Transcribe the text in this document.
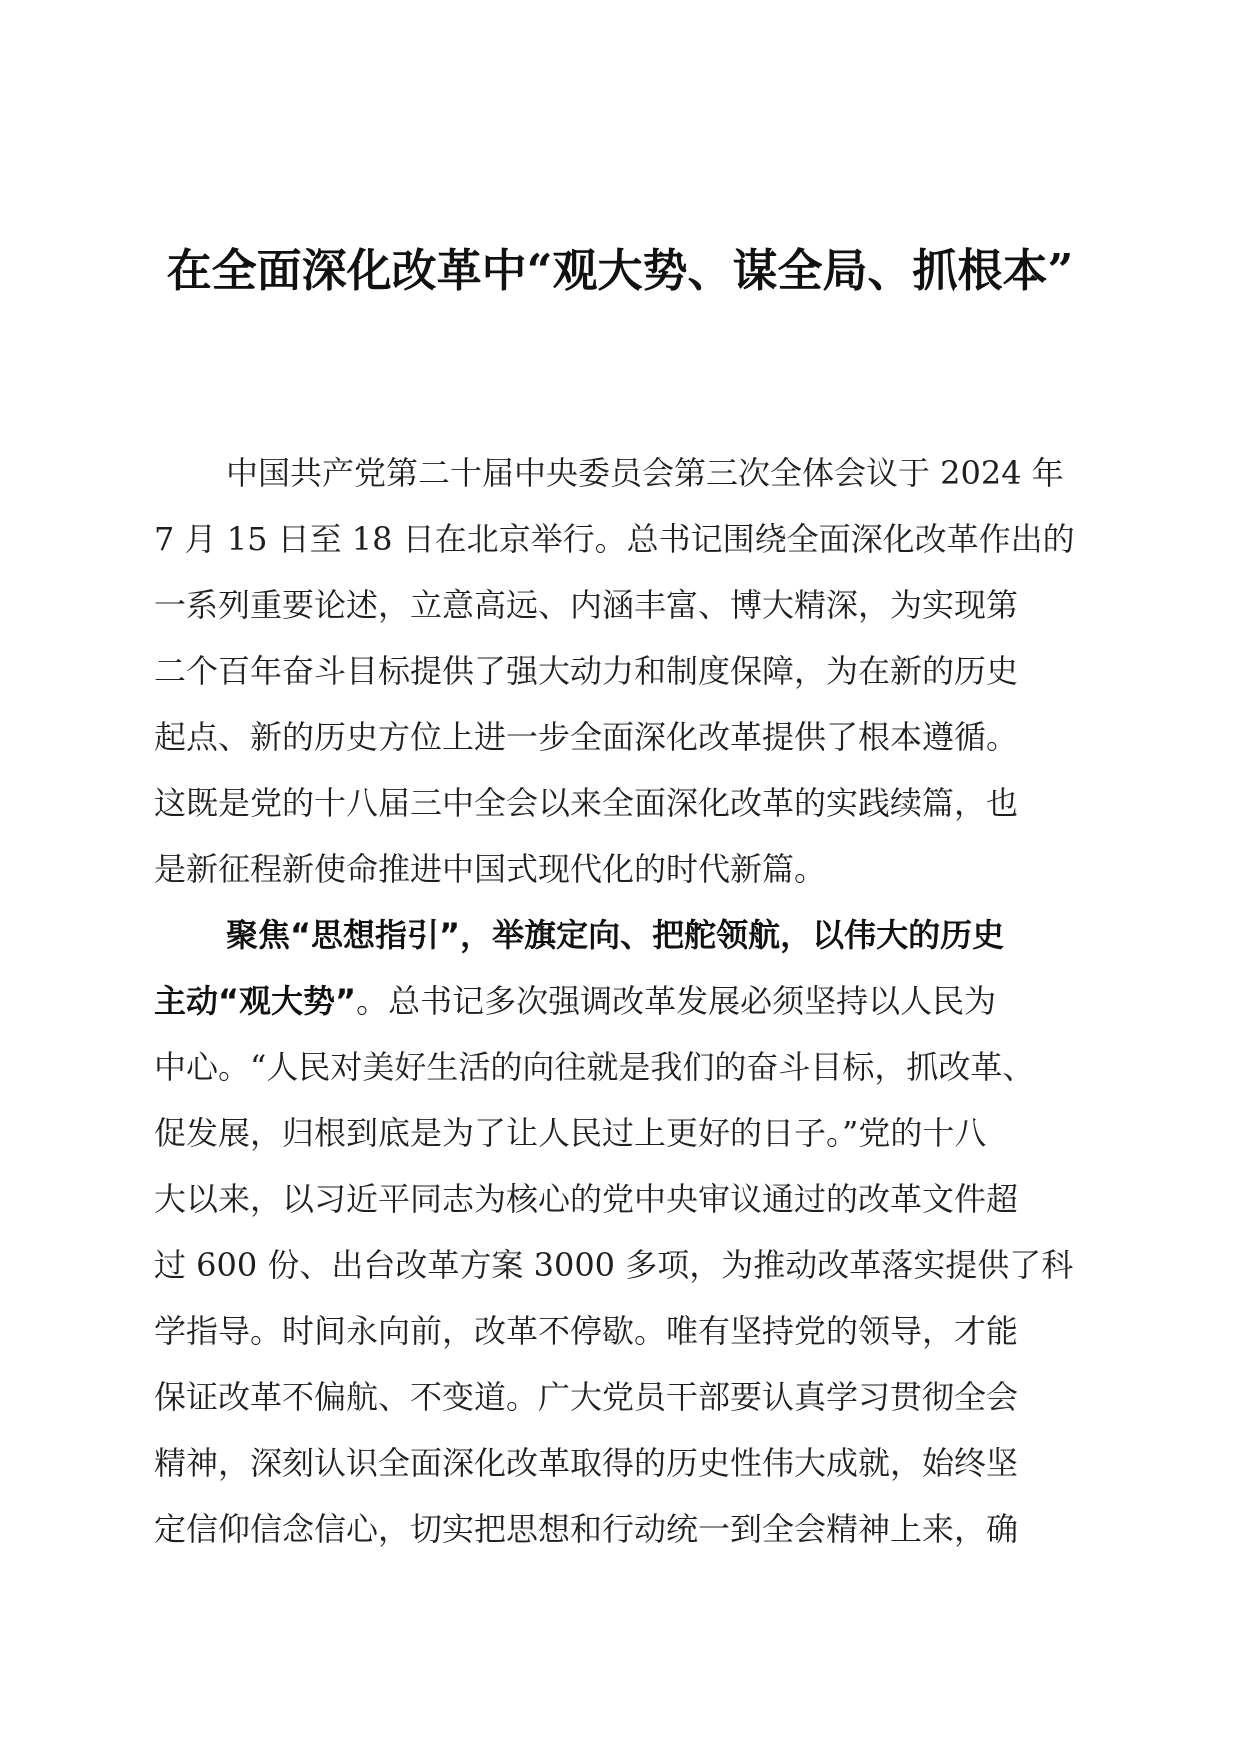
在全面深化改革中“观大势、谋全局、抓根本”
中国共产党第二十届中央委员会第三次全体会议于 2024 年
7 月 15 日至 18 日在北京举行。总书记围绕全面深化改革作出的
一系列重要论述，立意高远、内涵丰富、博大精深，为实现第
二个百年奋斗目标提供了强大动力和制度保障，为在新的历史
起点、新的历史方位上进一步全面深化改革提供了根本遵循。
这既是党的十八届三中全会以来全面深化改革的实践续篇，也
是新征程新使命推进中国式现代化的时代新篇。
聚焦“思想指引”，举旗定向、把舵领航，以伟大的历史
主动“观大势”。总书记多次强调改革发展必须坚持以人民为
中心。“人民对美好生活的向往就是我们的奋斗目标，抓改革、
促发展，归根到底是为了让人民过上更好的日子。”党的十八
大以来，以习近平同志为核心的党中央审议通过的改革文件超
过 600 份、出台改革方案 3000 多项，为推动改革落实提供了科
学指导。时间永向前，改革不停歇。唯有坚持党的领导，才能
保证改革不偏航、不变道。广大党员干部要认真学习贯彻全会
精神，深刻认识全面深化改革取得的历史性伟大成就，始终坚
定信仰信念信心，切实把思想和行动统一到全会精神上来，确
